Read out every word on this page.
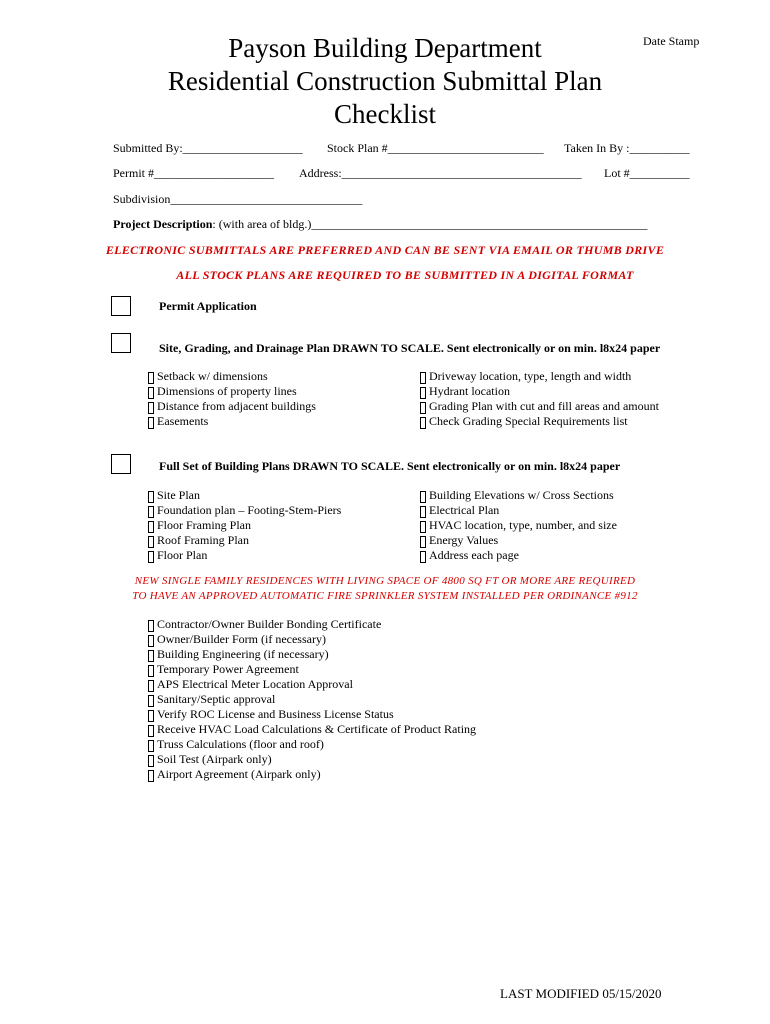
Payson Building Department
Residential Construction Submittal Plan
Checklist
Date Stamp
Submitted By:____________________ Stock Plan #__________________________ Taken In By :__________
Permit #____________________ Address:________________________________________ Lot #__________
Subdivision________________________________
Project Description: (with area of bldg.)________________________________________________________
ELECTRONIC SUBMITTALS ARE PREFERRED AND CAN BE SENT VIA EMAIL OR THUMB DRIVE
ALL STOCK PLANS ARE REQUIRED TO BE SUBMITTED IN A DIGITAL FORMAT
Permit Application
Site, Grading, and Drainage Plan DRAWN TO SCALE. Sent electronically or on min. l8x24 paper
Setback w/ dimensions
Dimensions of property lines
Distance from adjacent buildings
Easements
Driveway location, type, length and width
Hydrant location
Grading Plan with cut and fill areas and amount
Check Grading Special Requirements list
Full Set of Building Plans DRAWN TO SCALE. Sent electronically or on min. l8x24 paper
Site Plan
Foundation plan – Footing-Stem-Piers
Floor Framing Plan
Roof Framing Plan
Floor Plan
Building Elevations w/ Cross Sections
Electrical Plan
HVAC location, type, number, and size
Energy Values
Address each page
NEW SINGLE FAMILY RESIDENCES WITH LIVING SPACE OF 4800 SQ FT OR MORE ARE REQUIRED
TO HAVE AN APPROVED AUTOMATIC FIRE SPRINKLER SYSTEM INSTALLED PER ORDINANCE #912
Contractor/Owner Builder Bonding Certificate
Owner/Builder Form (if necessary)
Building Engineering (if necessary)
Temporary Power Agreement
APS Electrical Meter Location Approval
Sanitary/Septic approval
Verify ROC License and Business License Status
Receive HVAC Load Calculations & Certificate of Product Rating
Truss Calculations (floor and roof)
Soil Test (Airpark only)
Airport Agreement (Airpark only)
LAST MODIFIED 05/15/2020
